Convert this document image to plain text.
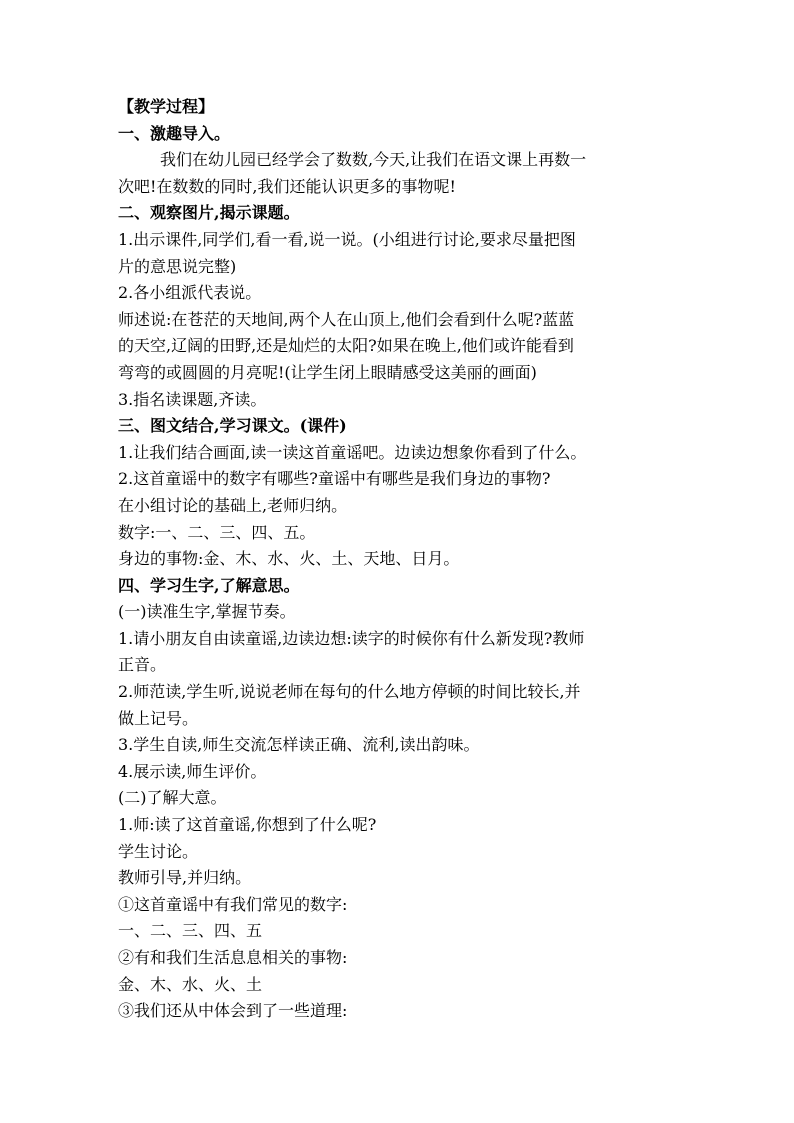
【教学过程】
一、激趣导入。
我们在幼儿园已经学会了数数,今天,让我们在语文课上再数一
次吧!在数数的同时,我们还能认识更多的事物呢!
二、观察图片,揭示课题。
1.出示课件,同学们,看一看,说一说。(小组进行讨论,要求尽量把图
片的意思说完整)
2.各小组派代表说。
师述说:在苍茫的天地间,两个人在山顶上,他们会看到什么呢?蓝蓝
的天空,辽阔的田野,还是灿烂的太阳?如果在晚上,他们或许能看到
弯弯的或圆圆的月亮呢!(让学生闭上眼睛感受这美丽的画面)
3.指名读课题,齐读。
三、图文结合,学习课文。(课件)
1.让我们结合画面,读一读这首童谣吧。边读边想象你看到了什么。
2.这首童谣中的数字有哪些?童谣中有哪些是我们身边的事物?
在小组讨论的基础上,老师归纳。
数字:一、二、三、四、五。
身边的事物:金、木、水、火、土、天地、日月。
四、学习生字,了解意思。
(一)读准生字,掌握节奏。
1.请小朋友自由读童谣,边读边想:读字的时候你有什么新发现?教师
正音。
2.师范读,学生听,说说老师在每句的什么地方停顿的时间比较长,并
做上记号。
3.学生自读,师生交流怎样读正确、流利,读出韵味。
4.展示读,师生评价。
(二)了解大意。
1.师:读了这首童谣,你想到了什么呢?
学生讨论。
教师引导,并归纳。
①这首童谣中有我们常见的数字:
一、二、三、四、五
②有和我们生活息息相关的事物:
金、木、水、火、土
③我们还从中体会到了一些道理:
